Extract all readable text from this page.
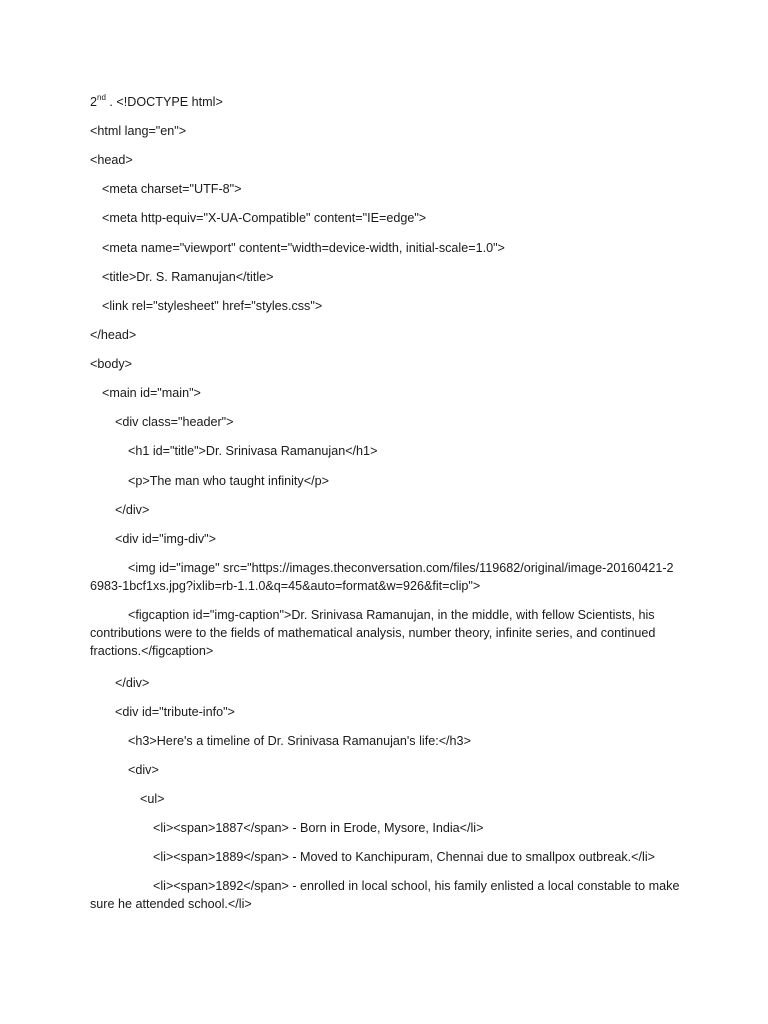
2nd . <!DOCTYPE html>
<html lang="en">
<head>
<meta charset="UTF-8">
<meta http-equiv="X-UA-Compatible" content="IE=edge">
<meta name="viewport" content="width=device-width, initial-scale=1.0">
<title>Dr. S. Ramanujan</title>
<link rel="stylesheet" href="styles.css">
</head>
<body>
<main id="main">
<div class="header">
<h1 id="title">Dr. Srinivasa Ramanujan</h1>
<p>The man who taught infinity</p>
</div>
<div id="img-div">
<img id="image" src="https://images.theconversation.com/files/119682/original/image-20160421-26983-1bcf1xs.jpg?ixlib=rb-1.1.0&q=45&auto=format&w=926&fit=clip">
<figcaption id="img-caption">Dr. Srinivasa Ramanujan, in the middle, with fellow Scientists, his contributions were to the fields of mathematical analysis, number theory, infinite series, and continued fractions.</figcaption>
</div>
<div id="tribute-info">
<h3>Here's a timeline of Dr. Srinivasa Ramanujan's life:</h3>
<div>
<ul>
<li><span>1887</span> - Born in Erode, Mysore, India</li>
<li><span>1889</span> - Moved to Kanchipuram, Chennai due to smallpox outbreak.</li>
<li><span>1892</span> - enrolled in local school, his family enlisted a local constable to make sure he attended school.</li>
